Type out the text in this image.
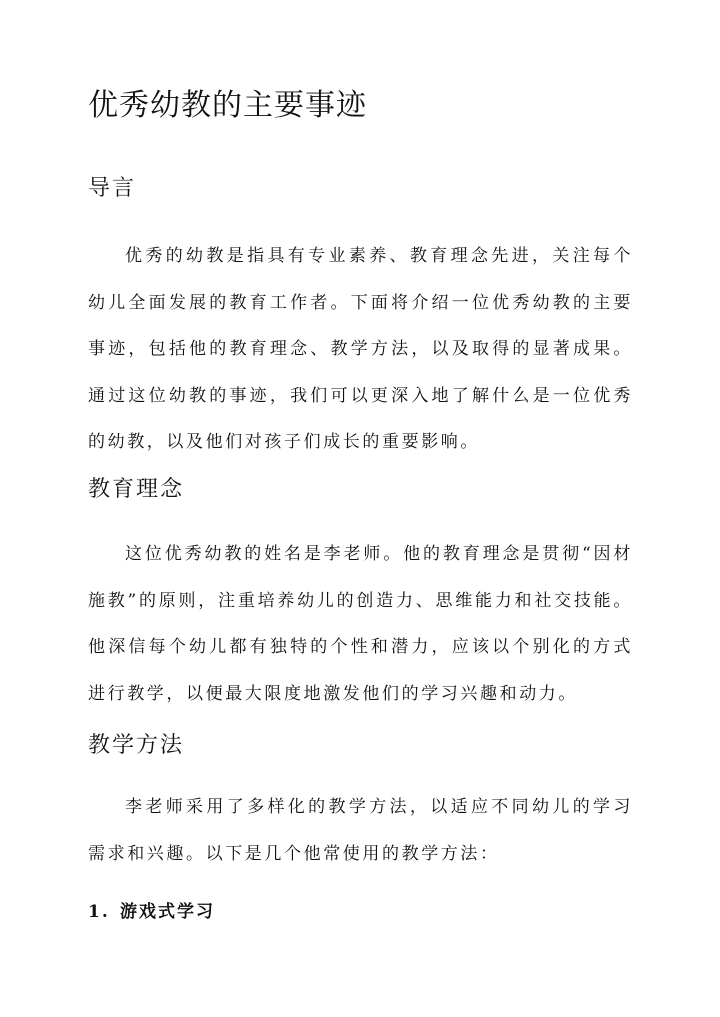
优秀幼教的主要事迹
导言

优秀的幼教是指具有专业素养、教育理念先进，关注每个幼儿全面发展的教育工作者。下面将介绍一位优秀幼教的主要事迹，包括他的教育理念、教学方法，以及取得的显著成果。通过这位幼教的事迹，我们可以更深入地了解什么是一位优秀的幼教，以及他们对孩子们成长的重要影响。

教育理念

这位优秀幼教的姓名是李老师。他的教育理念是贯彻“因材施教”的原则，注重培养幼儿的创造力、思维能力和社交技能。他深信每个幼儿都有独特的个性和潜力，应该以个别化的方式进行教学，以便最大限度地激发他们的学习兴趣和动力。

教学方法

李老师采用了多样化的教学方法，以适应不同幼儿的学习需求和兴趣。以下是几个他常使用的教学方法：

1. 游戏式学习
